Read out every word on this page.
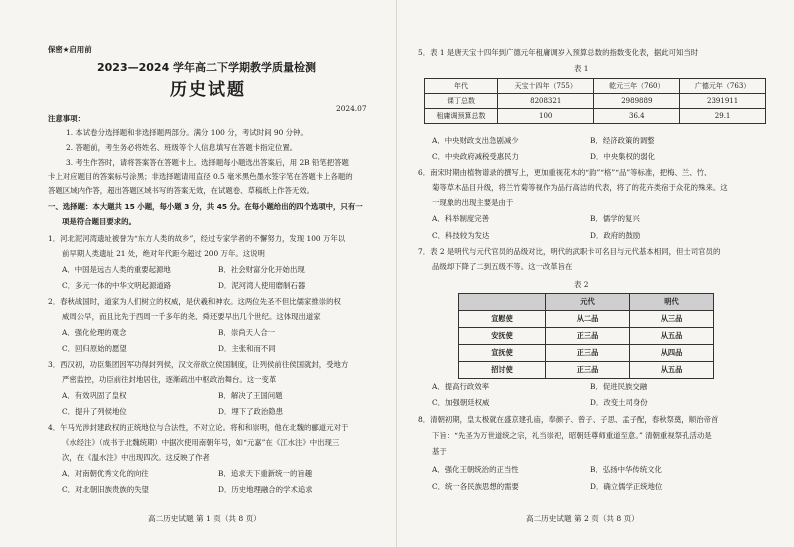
保密★启用前
2023—2024 学年高二下学期教学质量检测
历史试题
2024.07
注意事项：
1. 本试卷分选择题和非选择题两部分。满分 100 分，考试时间 90 分钟。
2. 答题前，考生务必将姓名、班级等个人信息填写在答题卡指定位置。
3. 考生作答时，请将答案答在答题卡上。选择题每小题选出答案后，用 2B 铅笔把答题
卡上对应题目的答案标号涂黑；非选择题请用直径 0.5 毫米黑色墨水签字笔在答题卡上各题的
答题区域内作答，超出答题区域书写的答案无效，在试题卷、草稿纸上作答无效。
一、选择题：本大题共 15 小题，每小题 3 分，共 45 分。在每小题给出的四个选项中，只有一
项是符合题目要求的。
1．河北泥河湾遗址被誉为“东方人类的故乡”，经过专家学者的不懈努力，发现 100 万年以
前早期人类遗址 21 处，绝对年代距今超过 200 万年。这说明
A．中国是远古人类的重要起源地	B．社会财富分化开始出现
C．多元一体的中华文明起源道路	D．泥河湾人使用磨制石器
2．春秋战国时，道家为人们树立的权威，是伏羲和神农。这两位先圣不但比儒家推崇的权
威周公早，而且比先于西周一千多年的尧、舜还要早出几个世纪。这体现出道家
A．强化伦理的观念	B．崇尚天人合一
C．回归原始的愿望	D．主张和而不同
3．西汉初，功臣集团因军功得封列侯，汉文帝欲立侯国制度，让列侯前往侯国就封，受地方
严密监控，功臣前往封地居住，逐渐疏出中枢政治舞台。这一变革
A．有效巩固了皇权	B．解决了王国问题
C．提升了列侯地位	D．埋下了政治隐患
4．午马光涉封建政权的正统地位与合法性，不对立论。将和和崇明，他在北魏的郦道元对于
《水经注》（成书于北魏统期）中据次使用南朝年号，如“元嘉”在《江水注》中出现三
次，在《温水注》中出现四次。这反映了作者
A．对南朝优秀文化的向往	B．追求天下重新统一的旨趣
C．对北朝旧族贵族的失望	D．历史地理融合的学术追求
高二历史试题 第 1 页（共 8 页）
5．表 1 是唐天宝十四年到广德元年租庸调岁入预算总数的指数变化表，据此可知当时
表 1
年代	天宝十四年（755）	乾元三年（760）	广德元年（763）
课丁总数	8208321	2989889	2391911
租庸调预算总数	100	36.4	29.1
A．中央财政支出急剧减少	B．经济政策的调整
C．中央政府减税受惠民力	D．中央集权的弱化
6．南宋时期由植物谱录的撰写上，更加重视花木的“韵”“格”“品”等标准，把梅、兰、竹、
菊等草木品目升级，将兰竹菊等视作为品行高洁的代表，将了的花卉类宿于众花的殊来。这
一现象的出现主要是由于
A．科举制度完善	B．儒学的复兴
C．科技较为发达	D．政府的鼓励
7．表 2 是明代与元代官员的品级对比，明代的武职卡可名目与元代基本相同，但士司官员的
品级却下降了二到五级不等。这一改革旨在
表 2
	元代	明代
宣慰使	从二品	从三品
安抚使	正三品	从五品
宣抚使	正三品	从四品
招讨使	正三品	从五品
A．提高行政效率	B．促进民族交融
C．加强朝廷权威	D．改变土司身份
8．清朝初期，皇太极就在盛京建孔庙，奉颜子、曾子、子思、孟子配，春秋祭奠，顺治帝首
下旨：“先圣为万世道统之宗，礼当崇祀，昭朝廷尊师重道至意。” 清朝重视祭孔活动是
基于
A．强化王朝统治的正当性	B．弘扬中华传统文化
C．统一各民族思想的需要	D．确立儒学正统地位
高二历史试题 第 2 页（共 8 页）
